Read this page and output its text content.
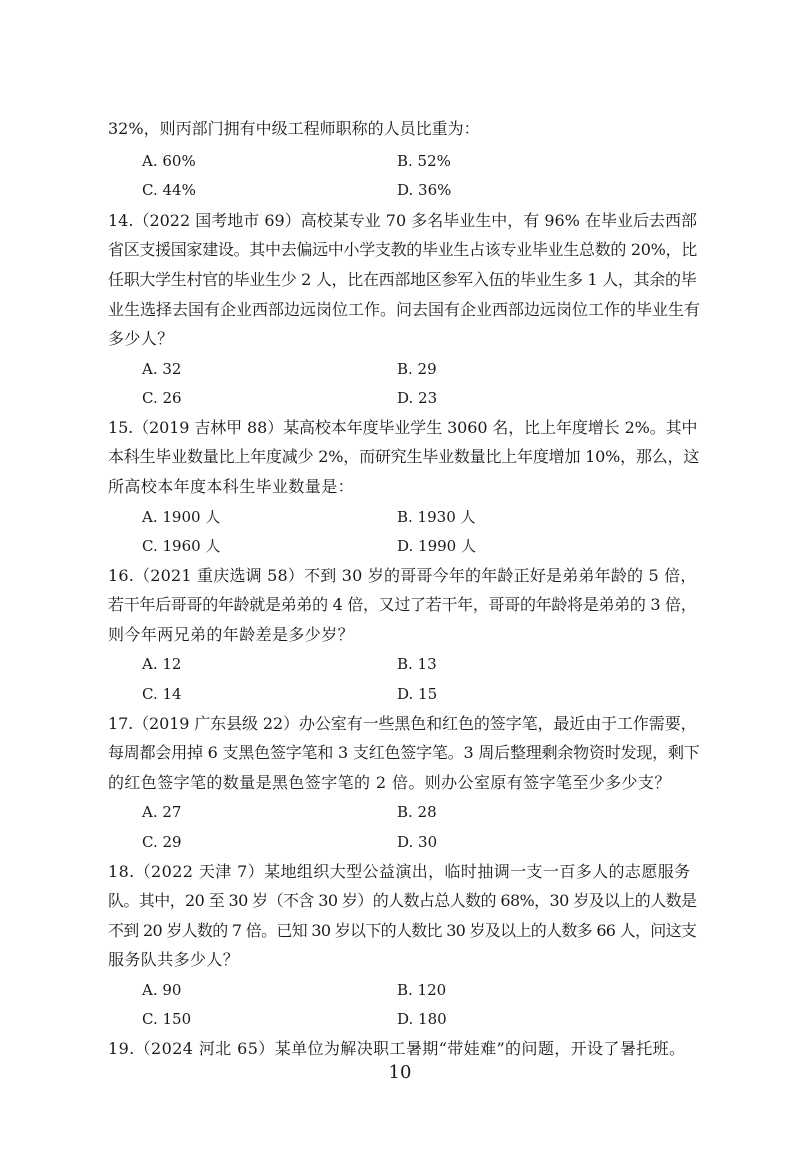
32%，则丙部门拥有中级工程师职称的人员比重为：
A. 60%	B. 52%
C. 44%	D. 36%
14.（2022 国考地市 69）高校某专业 70 多名毕业生中，有 96% 在毕业后去西部
省区支援国家建设。其中去偏远中小学支教的毕业生占该专业毕业生总数的 20%，比
任职大学生村官的毕业生少 2 人，比在西部地区参军入伍的毕业生多 1 人，其余的毕
业生选择去国有企业西部边远岗位工作。问去国有企业西部边远岗位工作的毕业生有
多少人？
A. 32	B. 29
C. 26	D. 23
15.（2019 吉林甲 88）某高校本年度毕业学生 3060 名，比上年度增长 2%。其中
本科生毕业数量比上年度减少 2%，而研究生毕业数量比上年度增加 10%，那么，这
所高校本年度本科生毕业数量是：
A. 1900 人	B. 1930 人
C. 1960 人	D. 1990 人
16.（2021 重庆选调 58）不到 30 岁的哥哥今年的年龄正好是弟弟年龄的 5 倍，
若干年后哥哥的年龄就是弟弟的 4 倍，又过了若干年，哥哥的年龄将是弟弟的 3 倍，
则今年两兄弟的年龄差是多少岁？
A. 12	B. 13
C. 14	D. 15
17.（2019 广东县级 22）办公室有一些黑色和红色的签字笔，最近由于工作需要，
每周都会用掉 6 支黑色签字笔和 3 支红色签字笔。3 周后整理剩余物资时发现，剩下
的红色签字笔的数量是黑色签字笔的 2 倍。则办公室原有签字笔至少多少支？
A. 27	B. 28
C. 29	D. 30
18.（2022 天津 7）某地组织大型公益演出，临时抽调一支一百多人的志愿服务
队。其中，20 至 30 岁（不含 30 岁）的人数占总人数的 68%，30 岁及以上的人数是
不到 20 岁人数的 7 倍。已知 30 岁以下的人数比 30 岁及以上的人数多 66 人，问这支
服务队共多少人？
A. 90	B. 120
C. 150	D. 180
19.（2024 河北 65）某单位为解决职工暑期“带娃难”的问题，开设了暑托班。
10
